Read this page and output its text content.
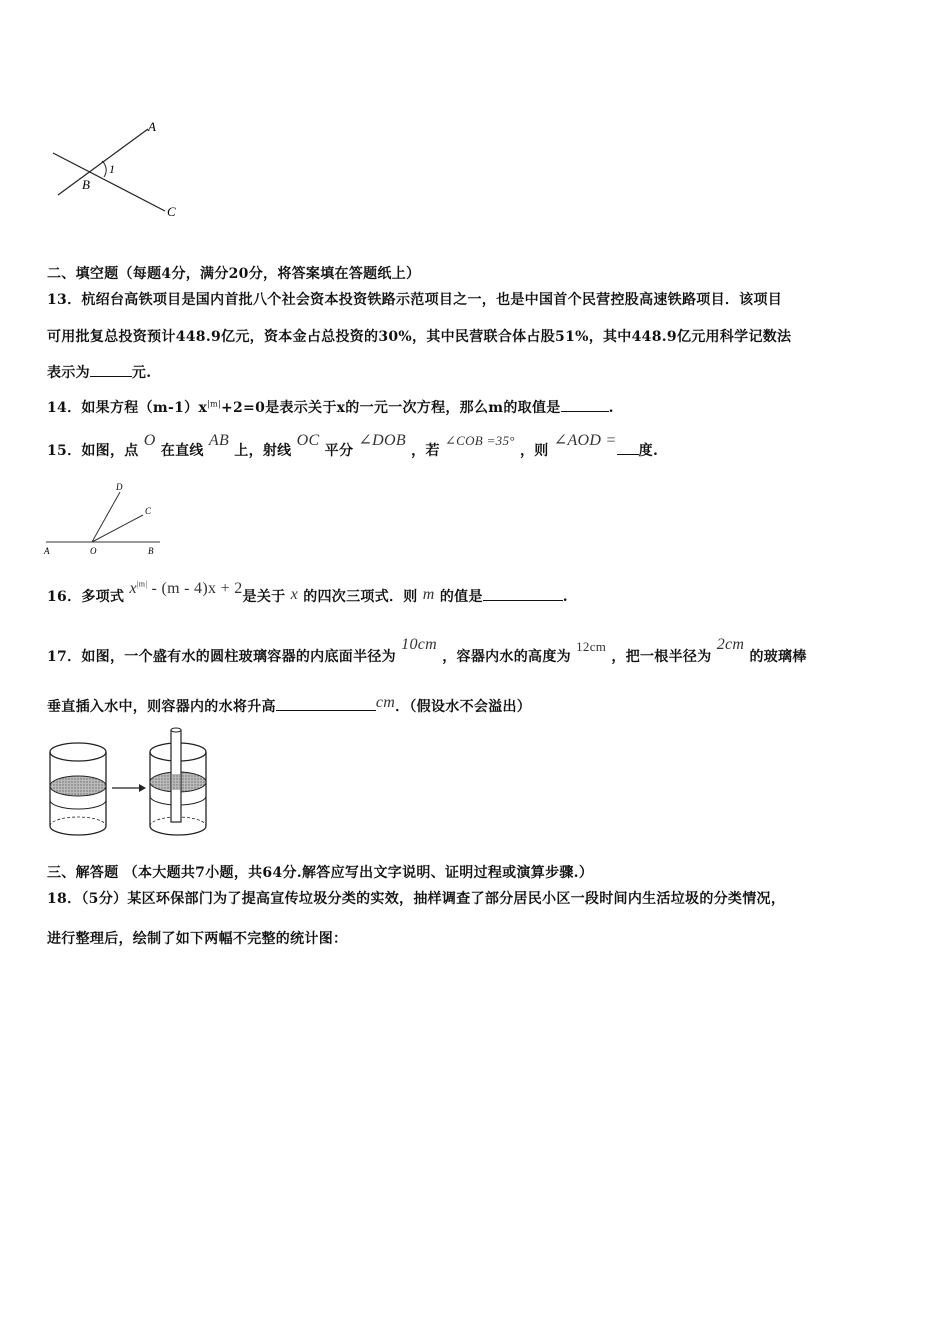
A
B
C
1
二、填空题（每题4分，满分20分，将答案填在答题纸上）
13．杭绍台高铁项目是国内首批八个社会资本投资铁路示范项目之一，也是中国首个民营控股高速铁路项目．该项目
可用批复总投资预计448.9亿元，资本金占总投资的30%，其中民营联合体占股51%，其中448.9亿元用科学记数法
表示为	元.
14．如果方程$(m-1)x^{|m|}+2=0$是表示关于x的一元一次方程，那么m的取值是	.
15．如图，点 O 在直线 AB 上，射线 OC 平分 ∠DOB ，若 ∠COB =35° ，则 ∠AOD =度.
A	O	B
C
D
16．多项式 $x^{|m|} - (m - 4)x + 2$是关于 x 的四次三项式．则 m 的值是	.
17．如图，一个盛有水的圆柱玻璃容器的内底面半径为 10cm ，容器内水的高度为 12cm ，把一根半径为 2cm 的玻璃棒
垂直插入水中，则容器内的水将升高	cm．（假设水不会溢出）
三、解答题 （本大题共7小题，共64分.解答应写出文字说明、证明过程或演算步骤.）
18．（5分）某区环保部门为了提高宣传垃圾分类的实效，抽样调查了部分居民小区一段时间内生活垃圾的分类情况，
进行整理后，绘制了如下两幅不完整的统计图：
